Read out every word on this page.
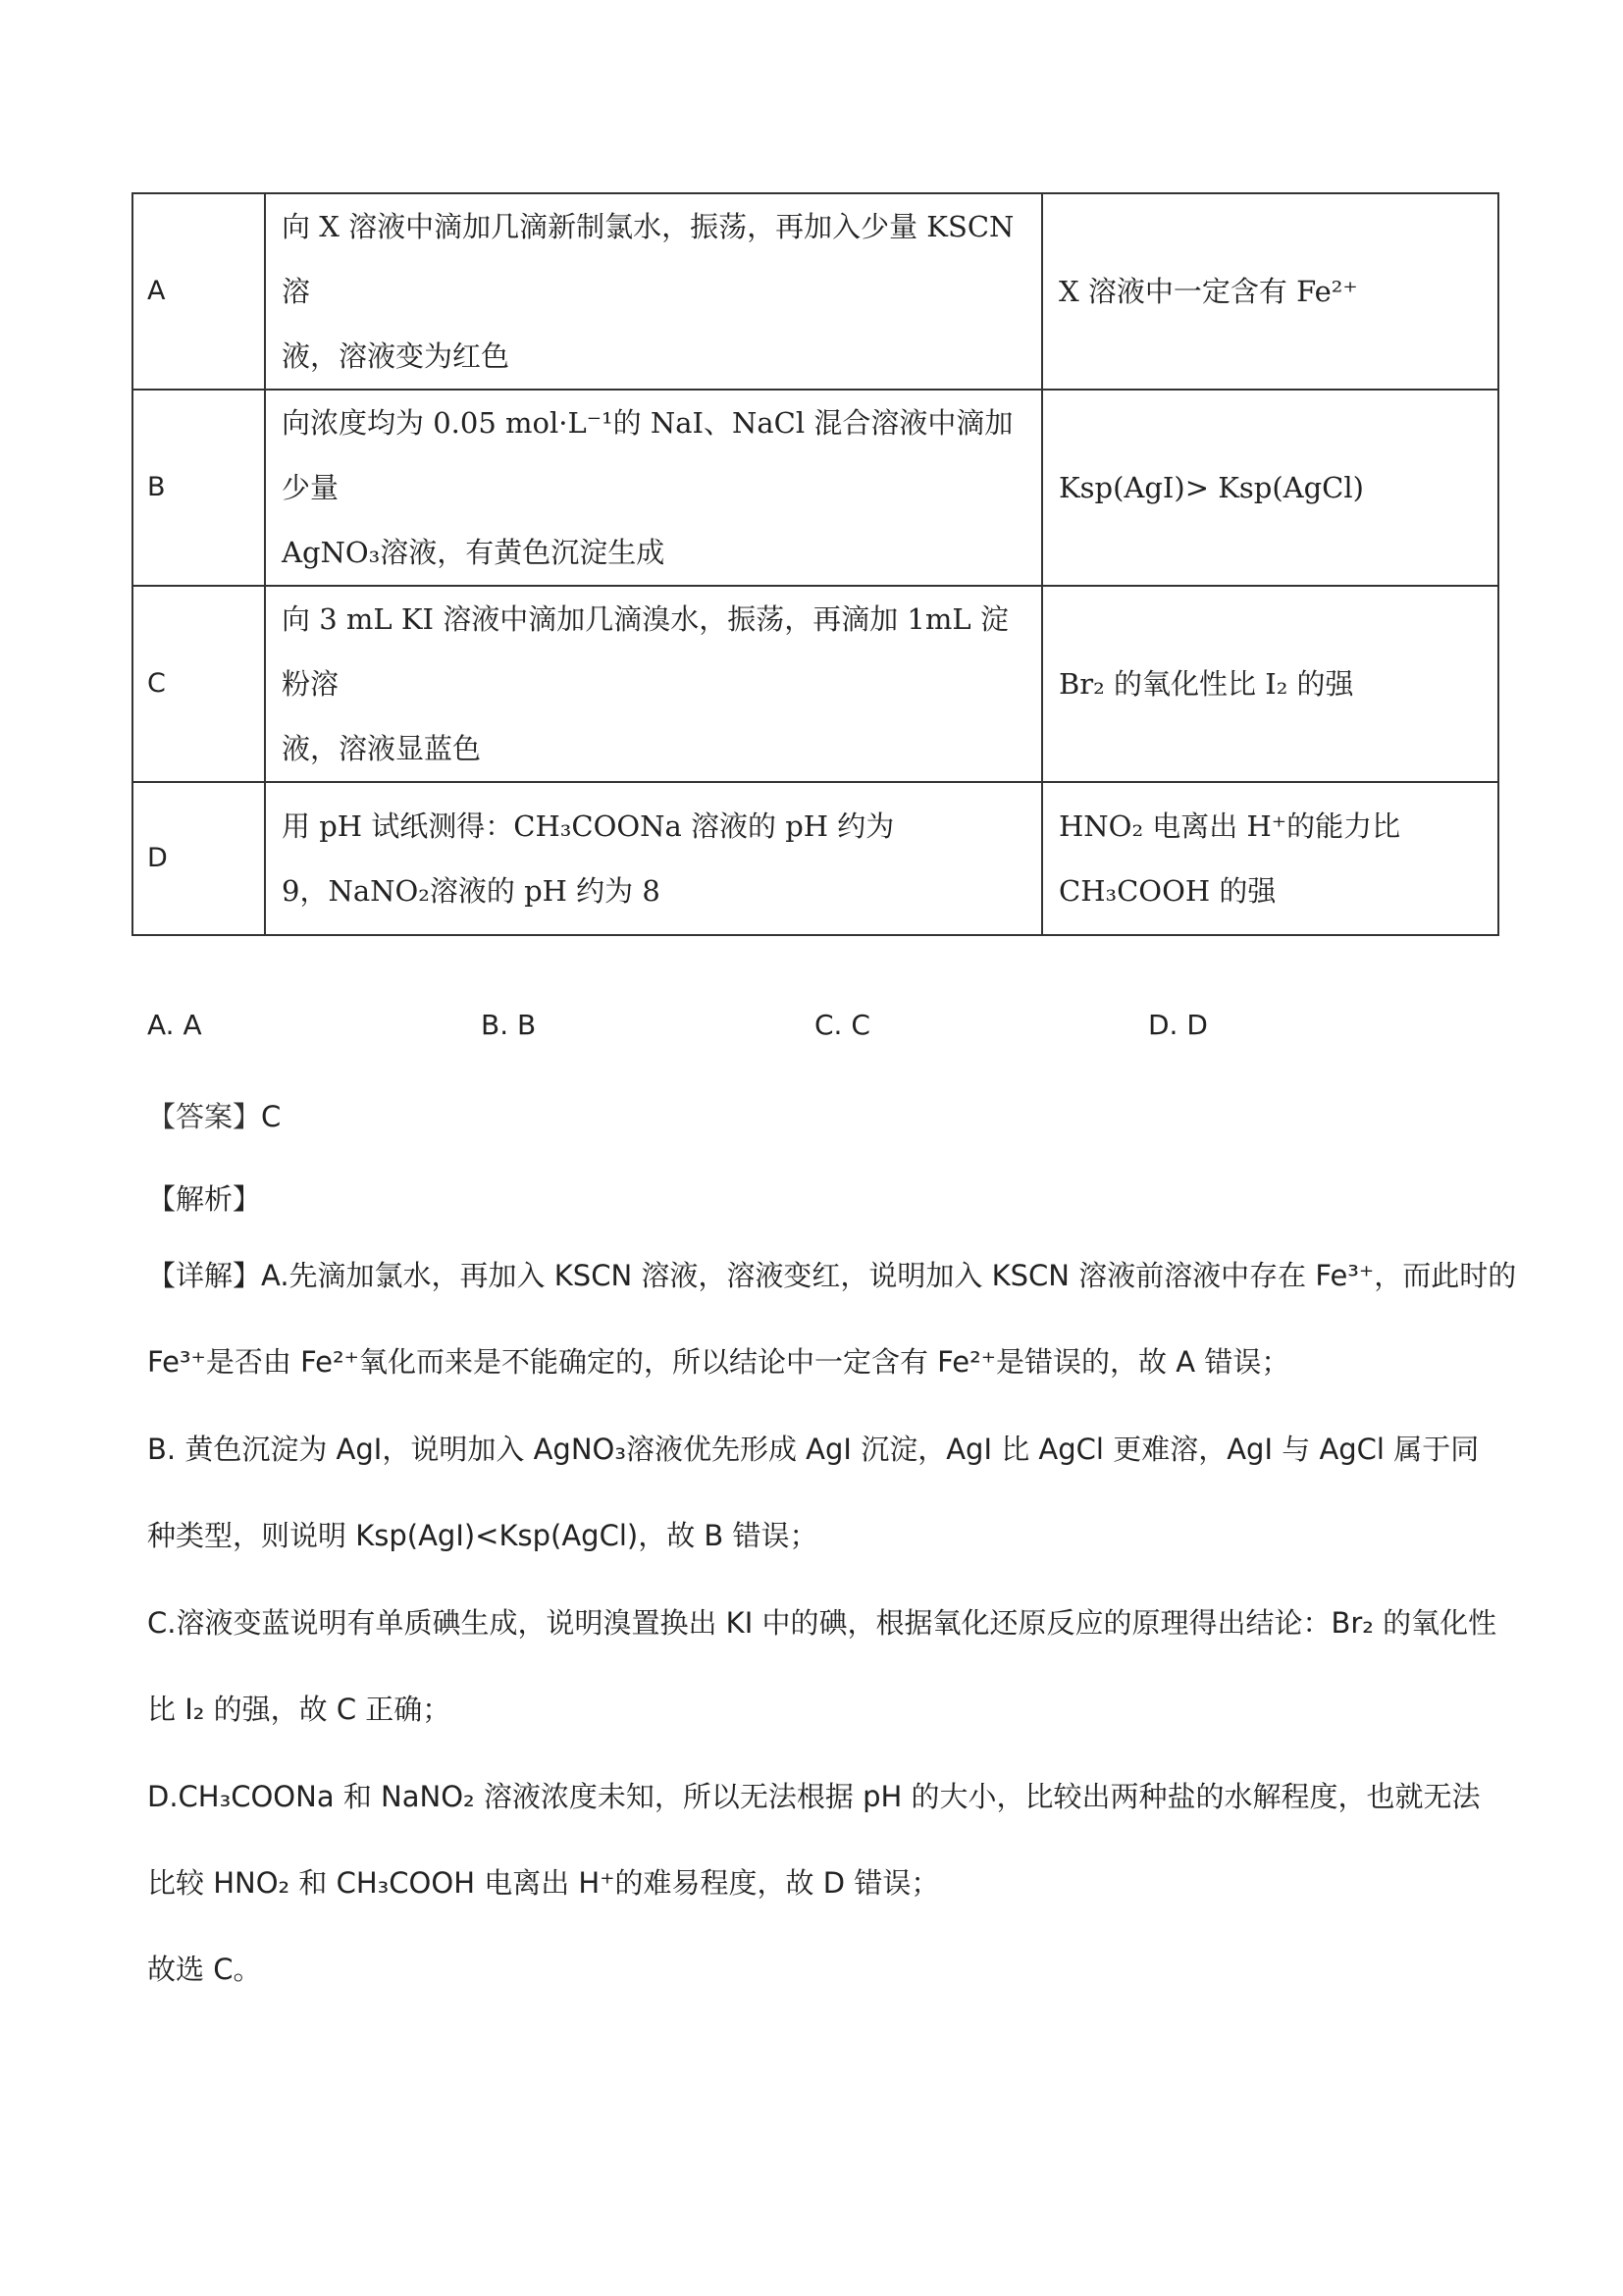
A	向 X 溶液中滴加几滴新制氯水，振荡，再加入少量 KSCN 溶
液，溶液变为红色	X 溶液中一定含有 Fe²⁺

B	向浓度均为 0.05 mol·L⁻¹的 NaI、NaCl 混合溶液中滴加少量
AgNO₃溶液，有黄色沉淀生成	Ksp(AgI)> Ksp(AgCl)

C	向 3 mL KI 溶液中滴加几滴溴水，振荡，再滴加 1mL 淀粉溶
液，溶液显蓝色	Br₂ 的氧化性比 I₂ 的强

D	用 pH 试纸测得：CH₃COONa 溶液的 pH 约为
9，NaNO₂溶液的 pH 约为 8	HNO₂ 电离出 H⁺的能力比
CH₃COOH 的强
A. A	B. B	C. C	D. D
【答案】C
【解析】
【详解】A.先滴加氯水，再加入 KSCN 溶液，溶液变红，说明加入 KSCN 溶液前溶液中存在 Fe³⁺，而此时的
Fe³⁺是否由 Fe²⁺氧化而来是不能确定的，所以结论中一定含有 Fe²⁺是错误的，故 A 错误；
B. 黄色沉淀为 AgI，说明加入 AgNO₃溶液优先形成 AgI 沉淀，AgI 比 AgCl 更难溶，AgI 与 AgCl 属于同
种类型，则说明 Ksp(AgI)<Ksp(AgCl)，故 B 错误；
C.溶液变蓝说明有单质碘生成，说明溴置换出 KI 中的碘，根据氧化还原反应的原理得出结论：Br₂ 的氧化性
比 I₂ 的强，故 C 正确；
D.CH₃COONa 和 NaNO₂ 溶液浓度未知，所以无法根据 pH 的大小，比较出两种盐的水解程度，也就无法
比较 HNO₂ 和 CH₃COOH 电离出 H⁺的难易程度，故 D 错误；
故选 C。
